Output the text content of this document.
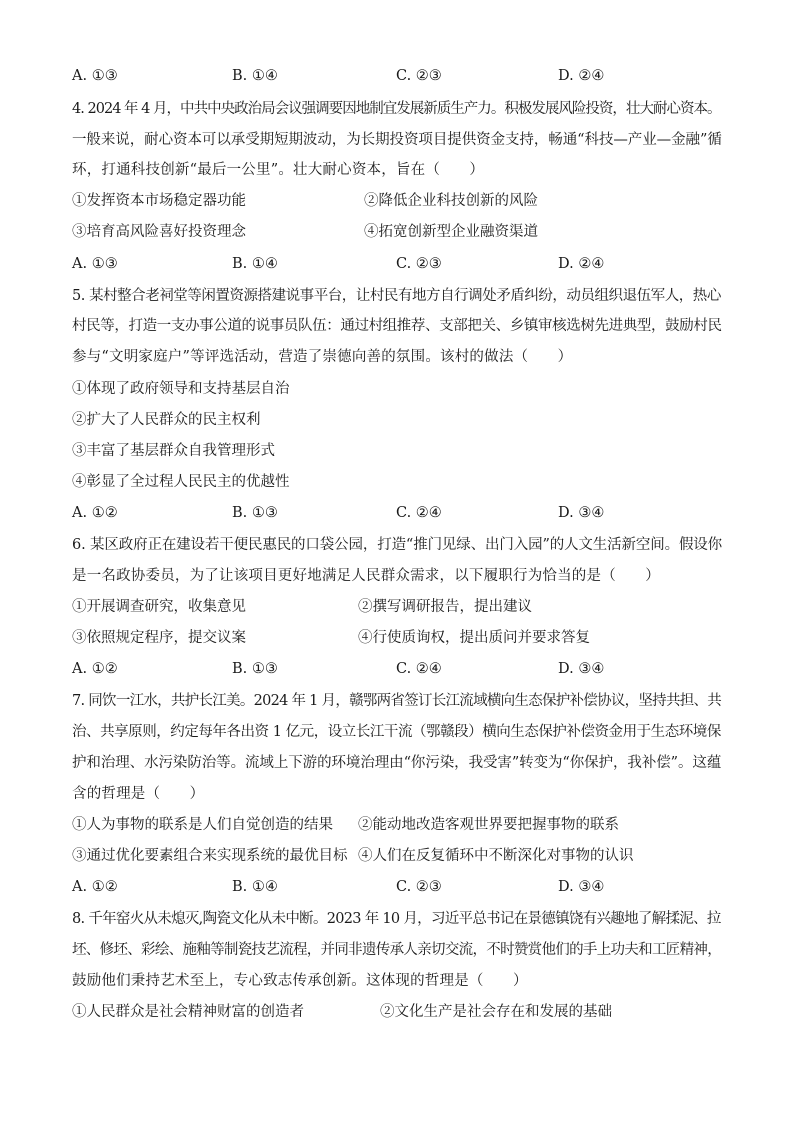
A. ①③	B. ①④	C. ②③	D. ②④
4. 2024 年 4 月，中共中央政治局会议强调要因地制宜发展新质生产力。积极发展风险投资，壮大耐心资本。
一般来说，耐心资本可以承受期短期波动，为长期投资项目提供资金支持，畅通“科技—产业—金融”循
环，打通科技创新“最后一公里”。壮大耐心资本，旨在（　　）
①发挥资本市场稳定器功能	②降低企业科技创新的风险
③培育高风险喜好投资理念	④拓宽创新型企业融资渠道
A. ①③	B. ①④	C. ②③	D. ②④
5. 某村整合老祠堂等闲置资源搭建说事平台，让村民有地方自行调处矛盾纠纷，动员组织退伍军人，热心
村民等，打造一支办事公道的说事员队伍：通过村组推荐、支部把关、乡镇审核选树先进典型，鼓励村民
参与“文明家庭户”等评选活动，营造了崇德向善的氛围。该村的做法（　　）
①体现了政府领导和支持基层自治
②扩大了人民群众的民主权利
③丰富了基层群众自我管理形式
④彰显了全过程人民民主的优越性
A. ①②	B. ①③	C. ②④	D. ③④
6. 某区政府正在建设若干便民惠民的口袋公园，打造“推门见绿、出门入园”的人文生活新空间。假设你
是一名政协委员，为了让该项目更好地满足人民群众需求，以下履职行为恰当的是（　　）
①开展调查研究，收集意见	②撰写调研报告，提出建议
③依照规定程序，提交议案	④行使质询权，提出质问并要求答复
A. ①②	B. ①③	C. ②④	D. ③④
7. 同饮一江水，共护长江美。2024 年 1 月，赣鄂两省签订长江流域横向生态保护补偿协议，坚持共担、共
治、共享原则，约定每年各出资 1 亿元，设立长江干流（鄂赣段）横向生态保护补偿资金用于生态环境保
护和治理、水污染防治等。流域上下游的环境治理由“你污染，我受害”转变为“你保护，我补偿”。这蕴
含的哲理是（　　）
①人为事物的联系是人们自觉创造的结果 ②能动地改造客观世界要把握事物的联系
③通过优化要素组合来实现系统的最优目标 ④人们在反复循环中不断深化对事物的认识
A. ①②	B. ①④	C. ②③	D. ③④
8. 千年窑火从未熄灭,陶瓷文化从未中断。2023 年 10 月，习近平总书记在景德镇饶有兴趣地了解揉泥、拉
坯、修坯、彩绘、施釉等制瓷技艺流程，并同非遗传承人亲切交流，不时赞赏他们的手上功夫和工匠精神，
鼓励他们秉持艺术至上，专心致志传承创新。这体现的哲理是（　　）
①人民群众是社会精神财富的创造者	②文化生产是社会存在和发展的基础
